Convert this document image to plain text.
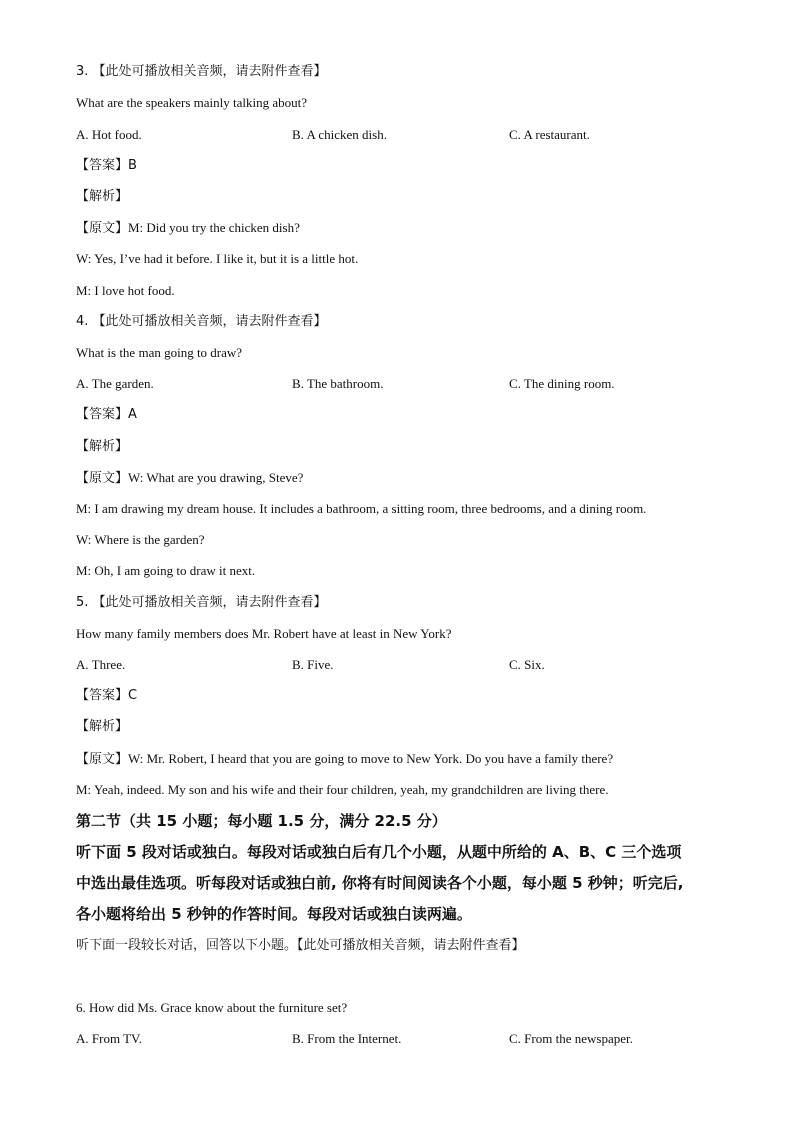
3. 【此处可播放相关音频，请去附件查看】
What are the speakers mainly talking about?
A. Hot food.	B. A chicken dish.	C. A restaurant.
【答案】B
【解析】
【原文】M: Did you try the chicken dish?
W: Yes, I’ve had it before. I like it, but it is a little hot.
M: I love hot food.
4. 【此处可播放相关音频，请去附件查看】
What is the man going to draw?
A. The garden.	B. The bathroom.	C. The dining room.
【答案】A
【解析】
【原文】W: What are you drawing, Steve?
M: I am drawing my dream house. It includes a bathroom, a sitting room, three bedrooms, and a dining room.
W: Where is the garden?
M: Oh, I am going to draw it next.
5. 【此处可播放相关音频，请去附件查看】
How many family members does Mr. Robert have at least in New York?
A. Three.	B. Five.	C. Six.
【答案】C
【解析】
【原文】W: Mr. Robert, I heard that you are going to move to New York. Do you have a family there?
M: Yeah, indeed. My son and his wife and their four children, yeah, my grandchildren are living there.
第二节（共 15 小题；每小题 1.5 分，满分 22.5 分）
听下面 5 段对话或独白。每段对话或独白后有几个小题，从题中所给的 A、B、C 三个选项
中选出最佳选项。听每段对话或独白前, 你将有时间阅读各个小题，每小题 5 秒钟；听完后,
各小题将给出 5 秒钟的作答时间。每段对话或独白读两遍。
听下面一段较长对话，回答以下小题。【此处可播放相关音频，请去附件查看】
6. How did Ms. Grace know about the furniture set?
A. From TV.	B. From the Internet.	C. From the newspaper.
